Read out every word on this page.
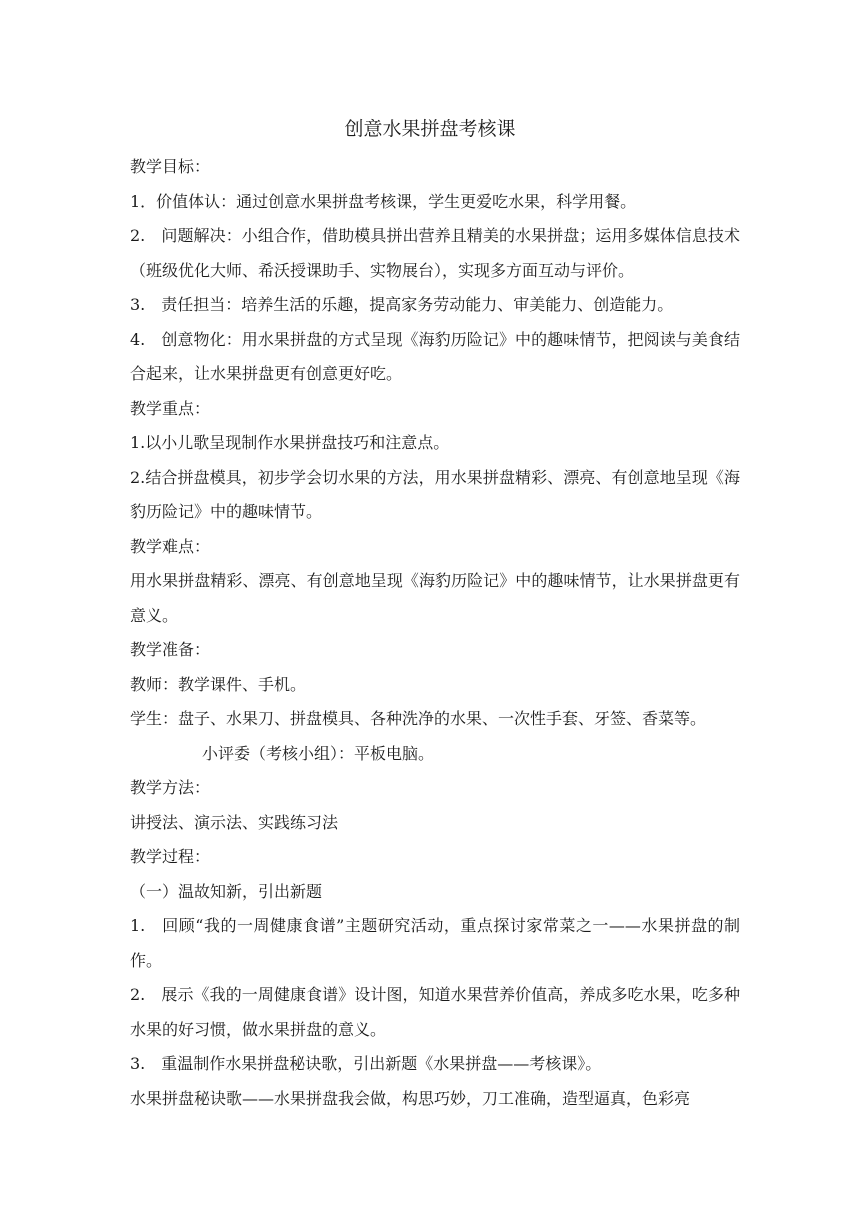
创意水果拼盘考核课

教学目标：

1．价值体认：通过创意水果拼盘考核课，学生更爱吃水果，科学用餐。

2.　问题解决：小组合作，借助模具拼出营养且精美的水果拼盘；运用多媒体信息技术（班级优化大师、希沃授课助手、实物展台），实现多方面互动与评价。

3.　责任担当：培养生活的乐趣，提高家务劳动能力、审美能力、创造能力。

4.　创意物化：用水果拼盘的方式呈现《海豹历险记》中的趣味情节，把阅读与美食结合起来，让水果拼盘更有创意更好吃。

教学重点：

1.以小儿歌呈现制作水果拼盘技巧和注意点。

2.结合拼盘模具，初步学会切水果的方法，用水果拼盘精彩、漂亮、有创意地呈现《海豹历险记》中的趣味情节。

教学难点：

用水果拼盘精彩、漂亮、有创意地呈现《海豹历险记》中的趣味情节，让水果拼盘更有意义。

教学准备：

教师：教学课件、手机。

学生：盘子、水果刀、拼盘模具、各种洗净的水果、一次性手套、牙签、香菜等。

小评委（考核小组）：平板电脑。

教学方法：

讲授法、演示法、实践练习法

教学过程：

（一）温故知新，引出新题

1.　回顾“我的一周健康食谱”主题研究活动，重点探讨家常菜之一——水果拼盘的制作。

2.　展示《我的一周健康食谱》设计图，知道水果营养价值高，养成多吃水果，吃多种水果的好习惯，做水果拼盘的意义。

3.　重温制作水果拼盘秘诀歌，引出新题《水果拼盘——考核课》。

水果拼盘秘诀歌——水果拼盘我会做，构思巧妙，刀工准确，造型逼真，色彩亮
